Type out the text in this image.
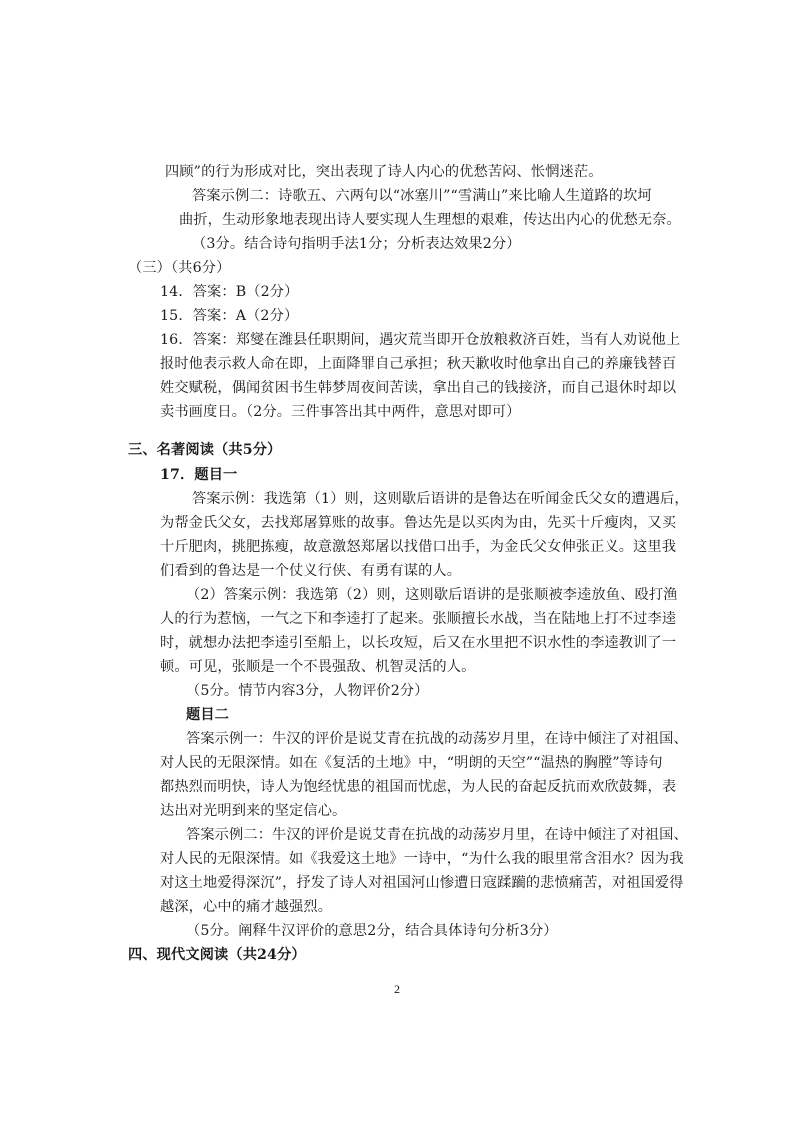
四顾”的行为形成对比，突出表现了诗人内心的优愁苦闷、怅惘迷茫。
答案示例二：诗歌五、六两句以“冰塞川”“雪满山”来比喻人生道路的坎坷
曲折，生动形象地表现出诗人要实现人生理想的艰难，传达出内心的优愁无奈。
（3分。结合诗句指明手法1分；分析表达效果2分）
（三）（共6分）
14．答案：B（2分）
15．答案：A（2分）
16．答案：郑燮在潍县任职期间，遇灾荒当即开仓放粮救济百姓，当有人劝说他上
报时他表示救人命在即，上面降罪自己承担；秋天歉收时他拿出自己的养廉钱替百
姓交赋税，偶闻贫困书生韩梦周夜间苦读，拿出自己的钱接济，而自己退休时却以
卖书画度日。（2分。三件事答出其中两件，意思对即可）
三、名著阅读（共5分）
17．题目一
答案示例：我选第（1）则，这则歇后语讲的是鲁达在听闻金氏父女的遭遇后，
为帮金氏父女，去找郑屠算账的故事。鲁达先是以买肉为由，先买十斤瘦肉，又买
十斤肥肉，挑肥拣瘦，故意激怒郑屠以找借口出手，为金氏父女伸张正义。这里我
们看到的鲁达是一个仗义行侠、有勇有谋的人。
（2）答案示例：我选第（2）则，这则歇后语讲的是张顺被李逵放鱼、殴打渔
人的行为惹恼，一气之下和李逵打了起来。张顺擅长水战，当在陆地上打不过李逵
时，就想办法把李逵引至船上，以长攻短，后又在水里把不识水性的李逵教训了一
顿。可见，张顺是一个不畏强敌、机智灵活的人。
（5分。情节内容3分，人物评价2分）
题目二
答案示例一：牛汉的评价是说艾青在抗战的动荡岁月里，在诗中倾注了对祖国、
对人民的无限深情。如在《复活的土地》中，“明朗的天空”“温热的胸膛”等诗句
都热烈而明快，诗人为饱经忧患的祖国而忧虑，为人民的奋起反抗而欢欣鼓舞，表
达出对光明到来的坚定信心。
答案示例二：牛汉的评价是说艾青在抗战的动荡岁月里，在诗中倾注了对祖国、
对人民的无限深情。如《我爱这土地》一诗中，“为什么我的眼里常含泪水？因为我
对这土地爱得深沉”，抒发了诗人对祖国河山惨遭日寇蹂躏的悲愤痛苦，对祖国爱得
越深，心中的痛才越强烈。
（5分。阐释牛汉评价的意思2分，结合具体诗句分析3分）
四、现代文阅读（共24分）
2
